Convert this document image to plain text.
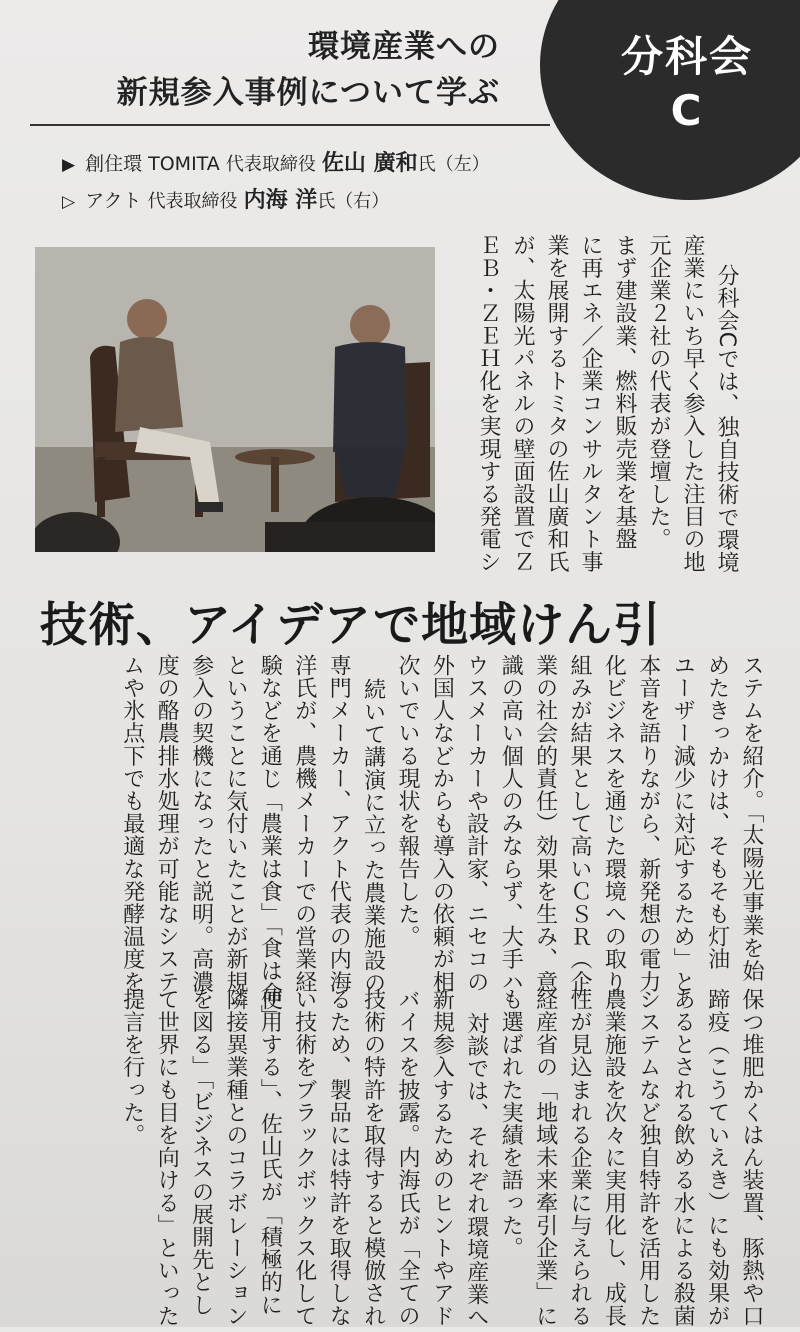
分科会
C
環境産業への
新規参入事例について学ぶ
▶ 創住環 TOMITA 代表取締役 佐山 廣和氏（左）
▷ アクト 代表取締役 内海 洋氏（右）
分科会Cでは、独自技術で環境
産業にいち早く参入した注目の地
元企業２社の代表が登壇した。
まず建設業、燃料販売業を基盤
に再エネ／企業コンサルタント事
業を展開するトミタの佐山廣和氏
が、太陽光パネルの壁面設置でＺ
ＥＢ・ＺＥＨ化を実現する発電シ
技術、アイデアで地域けん引
ステムを紹介。「太陽光事業を始
めたきっかけは、そもそも灯油
ユーザー減少に対応するため」と
本音を語りながら、新発想の電力
化ビジネスを通じた環境への取り
組みが結果として高いＣＳＲ（企
業の社会的責任）効果を生み、意
識の高い個人のみならず、大手ハ
ウスメーカーや設計家、ニセコの
外国人などからも導入の依頼が相
次いでいる現状を報告した。
続いて講演に立った農業施設の
専門メーカー、アクト代表の内海
洋氏が、農機メーカーでの営業経
験などを通じ「農業は食」「食は命」
ということに気付いたことが新規
参入の契機になったと説明。高濃
度の酪農排水処理が可能なシステ
ムや氷点下でも最適な発酵温度を
保つ堆肥かくはん装置、豚熱や口
蹄疫（こうていえき）にも効果が
あるとされる飲める水による殺菌
システムなど独自特許を活用した
農業施設を次々に実用化し、成長
性が見込まれる企業に与えられる
経産省の「地域未来牽引企業」に
も選ばれた実績を語った。
対談では、それぞれ環境産業へ
新規参入するためのヒントやアド
バイスを披露。内海氏が「全ての
技術の特許を取得すると模倣され
るため、製品には特許を取得しな
い技術をブラックボックス化して
使用する」、佐山氏が「積極的に
隣接異業種とのコラボレーション
を図る」「ビジネスの展開先とし
て世界にも目を向ける」といった
提言を行った。
